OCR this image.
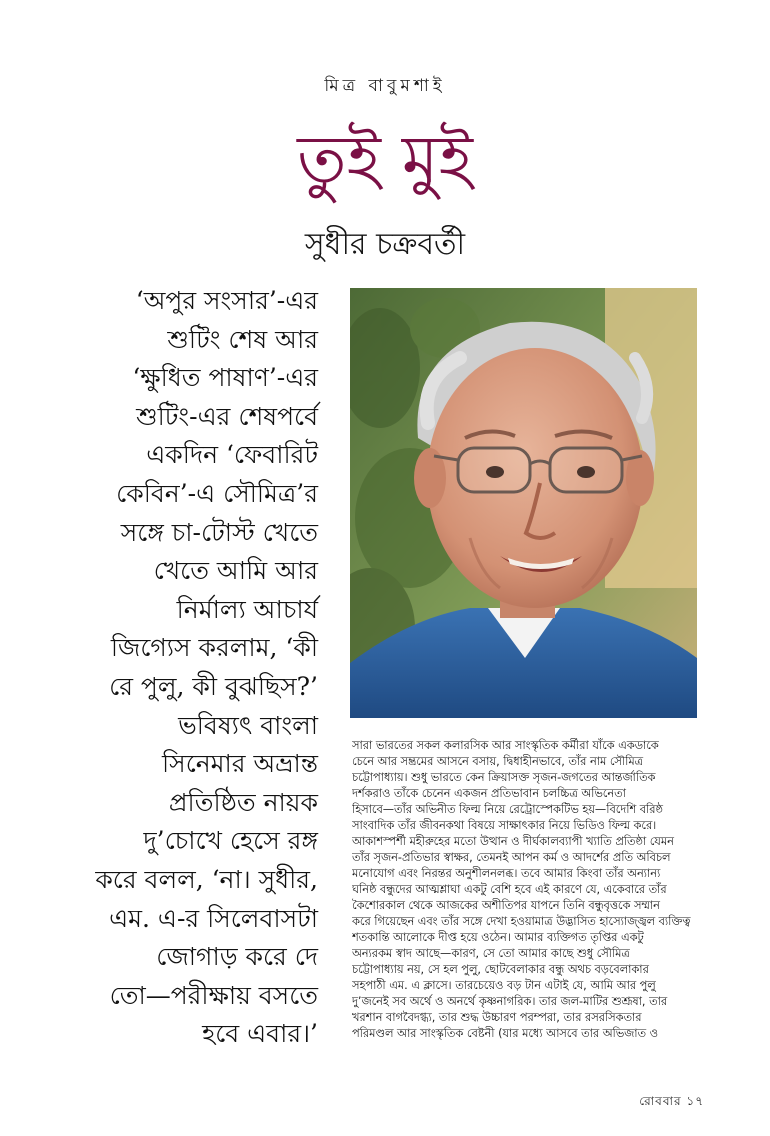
মিত্র বাবুমশাই
তুই মুই
সুধীর চক্রবর্তী
‘অপুর সংসার’-এর
শুটিং শেষ আর
‘ক্ষুধিত পাষাণ’-এর
শুটিং-এর শেষপর্বে
একদিন ‘ফেবারিট
কেবিন’-এ সৌমিত্র’র
সঙ্গে চা-টোস্ট খেতে
খেতে আমি আর
নির্মাল্য আচার্য
জিগ্যেস করলাম, ‘কী
রে পুলু, কী বুঝছিস?’
ভবিষ্যৎ বাংলা
সিনেমার অভ্রান্ত
প্রতিষ্ঠিত নায়ক
দু’চোখে হেসে রঙ্গ
করে বলল, ‘না। সুধীর,
এম. এ-র সিলেবাসটা
জোগাড় করে দে
তো—পরীক্ষায় বসতে
হবে এবার।’
সারা ভারতের সকল কলারসিক আর সাংস্কৃতিক কর্মীরা যাঁকে একডাকে
চেনে আর সম্ভ্রমের আসনে বসায়, দ্বিধাহীনভাবে, তাঁর নাম সৌমিত্র
চট্টোপাধ্যায়। শুধু ভারতে কেন ক্রিয়াসক্ত সৃজন-জগতের আন্তর্জাতিক
দর্শকরাও তাঁকে চেনেন একজন প্রতিভাবান চলচ্চিত্র অভিনেতা
হিসাবে—তাঁর অভিনীত ফিল্ম নিয়ে রেট্রোস্পেকটিভ হয়—বিদেশি বরিষ্ঠ
সাংবাদিক তাঁর জীবনকথা বিষয়ে সাক্ষাৎকার নিয়ে ভিডিও ফিল্ম করে।
আকাশস্পর্শী মহীরুহের মতো উত্থান ও দীর্ঘকালব্যাপী খ্যাতি প্রতিষ্ঠা যেমন
তাঁর সৃজন-প্রতিভার স্বাক্ষর, তেমনই আপন কর্ম ও আদর্শের প্রতি অবিচল
মনোযোগ এবং নিরন্তর অনুশীলনলব্ধ। তবে আমার কিংবা তাঁর অন্যান্য
ঘনিষ্ঠ বন্ধুদের আত্মশ্লাঘা একটু বেশি হবে এই কারণে যে, একেবারে তাঁর
কৈশোরকাল থেকে আজকের অশীতিপর যাপনে তিনি বন্ধুবৃত্তকে সম্মান
করে গিয়েছেন এবং তাঁর সঙ্গে দেখা হওয়ামাত্র উদ্ভাসিত হাস্যোজ্জ্বল ব্যক্তিত্ব
শতকান্তি আলোকে দীপ্ত হয়ে ওঠেন। আমার ব্যক্তিগত তৃপ্তির একটু
অন্যরকম স্বাদ আছে—কারণ, সে তো আমার কাছে শুধু সৌমিত্র
চট্টোপাধ্যায় নয়, সে হল পুলু, ছোটবেলাকার বন্ধু অথচ বড়বেলাকার
সহপাঠী এম. এ ক্লাসে। তারচেয়েও বড় টান এটাই যে, আমি আর পুলু
দু’জনেই সব অর্থে ও অনর্থে কৃষ্ণনাগরিক। তার জল-মাটির শুশ্রূষা, তার
খরশান বাগবৈদগ্ধ্য, তার শুদ্ধ উচ্চারণ পরম্পরা, তার রসরসিকতার
পরিমণ্ডল আর সাংস্কৃতিক বেষ্টনী (যার মধ্যে আসবে তার অভিজাত ও
রোববার ১৭
